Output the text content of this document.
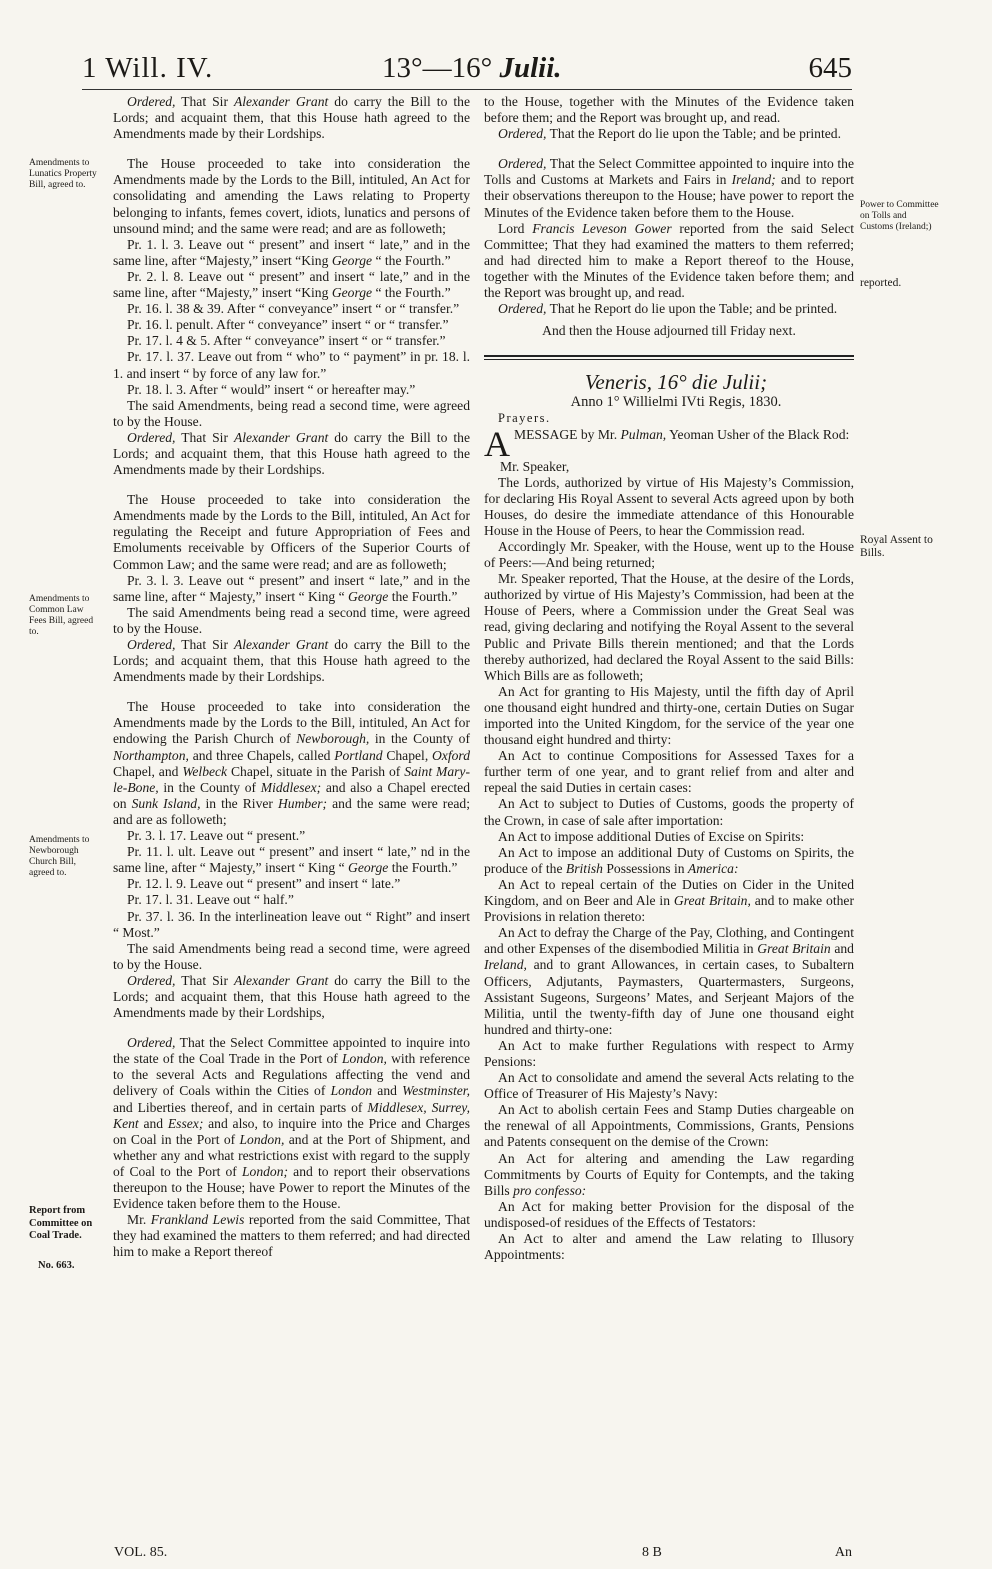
1 Will. IV.	13°—16° Julii.	645
Amendments to Lunatics Property Bill, agreed to.
Amendments to Common Law Fees Bill, agreed to.
Amendments to Newborough Church Bill, agreed to.
Report from Committee on Coal Trade.
No. 663.
Power to Committee on Tolls and Customs (Ireland;)
reported.
Royal Assent to Bills.

Ordered, That Sir Alexander Grant do carry the Bill to the Lords; and acquaint them, that this House hath agreed to the Amendments made by their Lordships.

The House proceeded to take into consideration the Amendments made by the Lords to the Bill, intituled, An Act for consolidating and amending the Laws relating to Property belonging to infants, femes covert, idiots, lunatics and persons of unsound mind; and the same were read; and are as followeth;

Pr. 1. l. 3. Leave out “ present” and insert “ late,” and in the same line, after “Majesty,” insert “King George “ the Fourth.”

Pr. 2. l. 8. Leave out “ present” and insert “ late,” and in the same line, after “Majesty,” insert “King George “ the Fourth.”

Pr. 16. l. 38 & 39. After “ conveyance” insert “ or “ transfer.”

Pr. 16. l. penult. After “ conveyance” insert “ or “ transfer.”

Pr. 17. l. 4 & 5. After “ conveyance” insert “ or “ transfer.”

Pr. 17. l. 37. Leave out from “ who” to “ payment” in pr. 18. l. 1. and insert “ by force of any law for.”

Pr. 18. l. 3. After “ would” insert “ or hereafter may.”

The said Amendments, being read a second time, were agreed to by the House.

Ordered, That Sir Alexander Grant do carry the Bill to the Lords; and acquaint them, that this House hath agreed to the Amendments made by their Lordships.

The House proceeded to take into consideration the Amendments made by the Lords to the Bill, intituled, An Act for regulating the Receipt and future Appropriation of Fees and Emoluments receivable by Officers of the Superior Courts of Common Law; and the same were read; and are as followeth;

Pr. 3. l. 3. Leave out “ present” and insert “ late,” and in the same line, after “ Majesty,” insert “ King “ George the Fourth.”

The said Amendments being read a second time, were agreed to by the House.

Ordered, That Sir Alexander Grant do carry the Bill to the Lords; and acquaint them, that this House hath agreed to the Amendments made by their Lordships.

The House proceeded to take into consideration the Amendments made by the Lords to the Bill, intituled, An Act for endowing the Parish Church of Newborough, in the County of Northampton, and three Chapels, called Portland Chapel, Oxford Chapel, and Welbeck Chapel, situate in the Parish of Saint Mary-le-Bone, in the County of Middlesex; and also a Chapel erected on Sunk Island, in the River Humber; and the same were read; and are as followeth;

Pr. 3. l. 17. Leave out “ present.”

Pr. 11. l. ult. Leave out “ present” and insert “ late,” nd in the same line, after “ Majesty,” insert “ King “ George the Fourth.”

Pr. 12. l. 9. Leave out “ present” and insert “ late.”

Pr. 17. l. 31. Leave out “ half.”

Pr. 37. l. 36. In the interlineation leave out “ Right” and insert “ Most.”

The said Amendments being read a second time, were agreed to by the House.

Ordered, That Sir Alexander Grant do carry the Bill to the Lords; and acquaint them, that this House hath agreed to the Amendments made by their Lordships,

Ordered, That the Select Committee appointed to inquire into the state of the Coal Trade in the Port of London, with reference to the several Acts and Regulations affecting the vend and delivery of Coals within the Cities of London and Westminster, and Liberties thereof, and in certain parts of Middlesex, Surrey, Kent and Essex; and also, to inquire into the Price and Charges on Coal in the Port of London, and at the Port of Shipment, and whether any and what restrictions exist with regard to the supply of Coal to the Port of London; and to report their observations thereupon to the House; have Power to report the Minutes of the Evidence taken before them to the House.

Mr. Frankland Lewis reported from the said Committee, That they had examined the matters to them referred; and had directed him to make a Report thereof

to the House, together with the Minutes of the Evidence taken before them; and the Report was brought up, and read.

Ordered, That the Report do lie upon the Table; and be printed.

Ordered, That the Select Committee appointed to inquire into the Tolls and Customs at Markets and Fairs in Ireland; and to report their observations thereupon to the House; have power to report the Minutes of the Evidence taken before them to the House.

Lord Francis Leveson Gower reported from the said Select Committee; That they had examined the matters to them referred; and had directed him to make a Report thereof to the House, together with the Minutes of the Evidence taken before them; and the Report was brought up, and read.

Ordered, That he Report do lie upon the Table; and be printed.

And then the House adjourned till Friday next.

Veneris, 16° die Julii;

Anno 1° Willielmi IVti Regis, 1830.

Prayers.

A MESSAGE by Mr. Pulman, Yeoman Usher of the Black Rod:
Mr. Speaker,

The Lords, authorized by virtue of His Majesty’s Commission, for declaring His Royal Assent to several Acts agreed upon by both Houses, do desire the immediate attendance of this Honourable House in the House of Peers, to hear the Commission read.

Accordingly Mr. Speaker, with the House, went up to the House of Peers:—And being returned;

Mr. Speaker reported, That the House, at the desire of the Lords, authorized by virtue of His Majesty’s Commission, had been at the House of Peers, where a Commission under the Great Seal was read, giving declaring and notifying the Royal Assent to the several Public and Private Bills therein mentioned; and that the Lords thereby authorized, had declared the Royal Assent to the said Bills: Which Bills are as followeth;

An Act for granting to His Majesty, until the fifth day of April one thousand eight hundred and thirty-one, certain Duties on Sugar imported into the United Kingdom, for the service of the year one thousand eight hundred and thirty:

An Act to continue Compositions for Assessed Taxes for a further term of one year, and to grant relief from and alter and repeal the said Duties in certain cases:

An Act to subject to Duties of Customs, goods the property of the Crown, in case of sale after importation:

An Act to impose additional Duties of Excise on Spirits:

An Act to impose an additional Duty of Customs on Spirits, the produce of the British Possessions in America:

An Act to repeal certain of the Duties on Cider in the United Kingdom, and on Beer and Ale in Great Britain, and to make other Provisions in relation thereto:

An Act to defray the Charge of the Pay, Clothing, and Contingent and other Expenses of the disembodied Militia in Great Britain and Ireland, and to grant Allowances, in certain cases, to Subaltern Officers, Adjutants, Paymasters, Quartermasters, Surgeons, Assistant Sugeons, Surgeons’ Mates, and Serjeant Majors of the Militia, until the twenty-fifth day of June one thousand eight hundred and thirty-one:

An Act to make further Regulations with respect to Army Pensions:

An Act to consolidate and amend the several Acts relating to the Office of Treasurer of His Majesty’s Navy:

An Act to abolish certain Fees and Stamp Duties chargeable on the renewal of all Appointments, Commissions, Grants, Pensions and Patents consequent on the demise of the Crown:

An Act for altering and amending the Law regarding Commitments by Courts of Equity for Contempts, and the taking Bills pro confesso:

An Act for making better Provision for the disposal of the undisposed-of residues of the Effects of Testators:

An Act to alter and amend the Law relating to Illusory Appointments:

VOL. 85.	8 B	An
